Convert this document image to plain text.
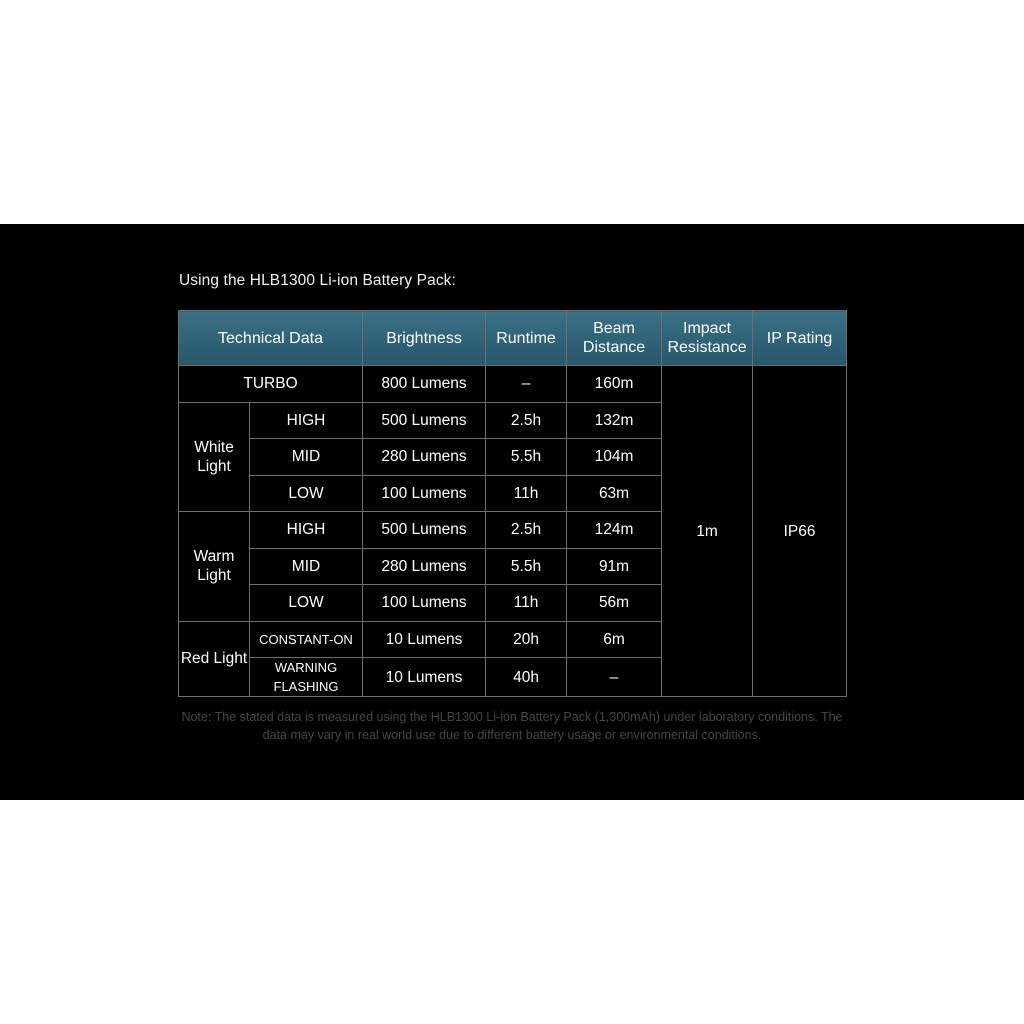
Using the HLB1300 Li-ion Battery Pack:
Technical Data		Brightness	Runtime	Beam Distance	Impact Resistance	IP Rating
TURBO		800 Lumens	–	160m	1m	IP66
White Light	HIGH	500 Lumens	2.5h	132m		
	MID	280 Lumens	5.5h	104m		
	LOW	100 Lumens	11h	63m		
Warm Light	HIGH	500 Lumens	2.5h	124m		
	MID	280 Lumens	5.5h	91m		
	LOW	100 Lumens	11h	56m		
Red Light	CONSTANT-ON	10 Lumens	20h	6m		
	WARNING FLASHING	10 Lumens	40h	–		
Note: The stated data is measured using the HLB1300 Li-ion Battery Pack (1,300mAh) under laboratory conditions. The data may vary in real world use due to different battery usage or environmental conditions.
